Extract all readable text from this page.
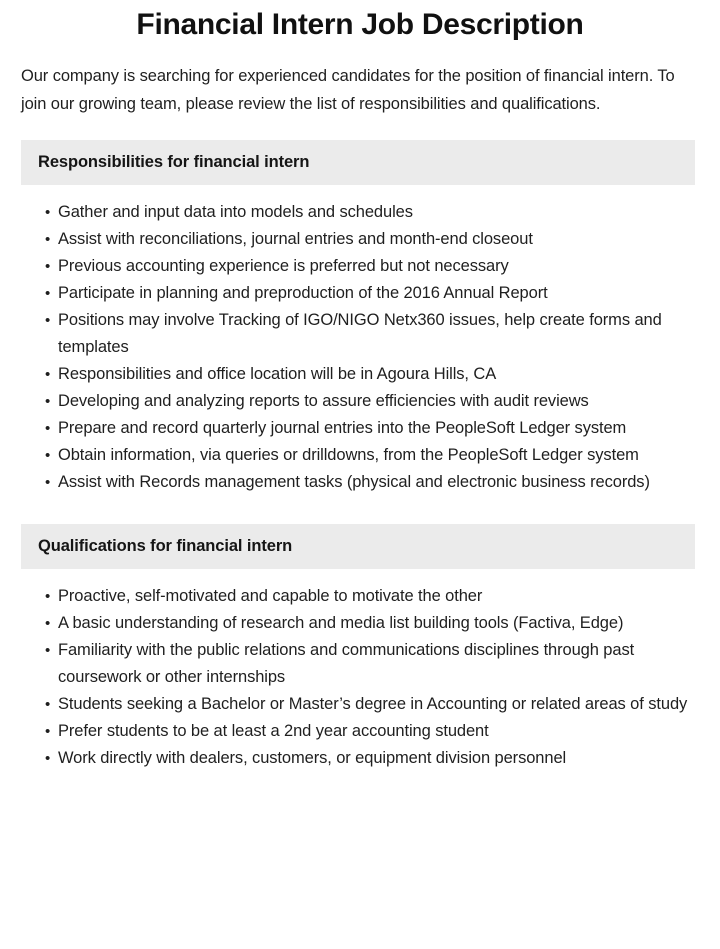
Financial Intern Job Description

Our company is searching for experienced candidates for the position of financial intern. To join our growing team, please review the list of responsibilities and qualifications.

Responsibilities for financial intern
• Gather and input data into models and schedules
• Assist with reconciliations, journal entries and month-end closeout
• Previous accounting experience is preferred but not necessary
• Participate in planning and preproduction of the 2016 Annual Report
• Positions may involve Tracking of IGO/NIGO Netx360 issues, help create forms and templates
• Responsibilities and office location will be in Agoura Hills, CA
• Developing and analyzing reports to assure efficiencies with audit reviews
• Prepare and record quarterly journal entries into the PeopleSoft Ledger system
• Obtain information, via queries or drilldowns, from the PeopleSoft Ledger system
• Assist with Records management tasks (physical and electronic business records)
Qualifications for financial intern
• Proactive, self-motivated and capable to motivate the other
• A basic understanding of research and media list building tools (Factiva, Edge)
• Familiarity with the public relations and communications disciplines through past coursework or other internships
• Students seeking a Bachelor or Master’s degree in Accounting or related areas of study
• Prefer students to be at least a 2nd year accounting student
• Work directly with dealers, customers, or equipment division personnel
